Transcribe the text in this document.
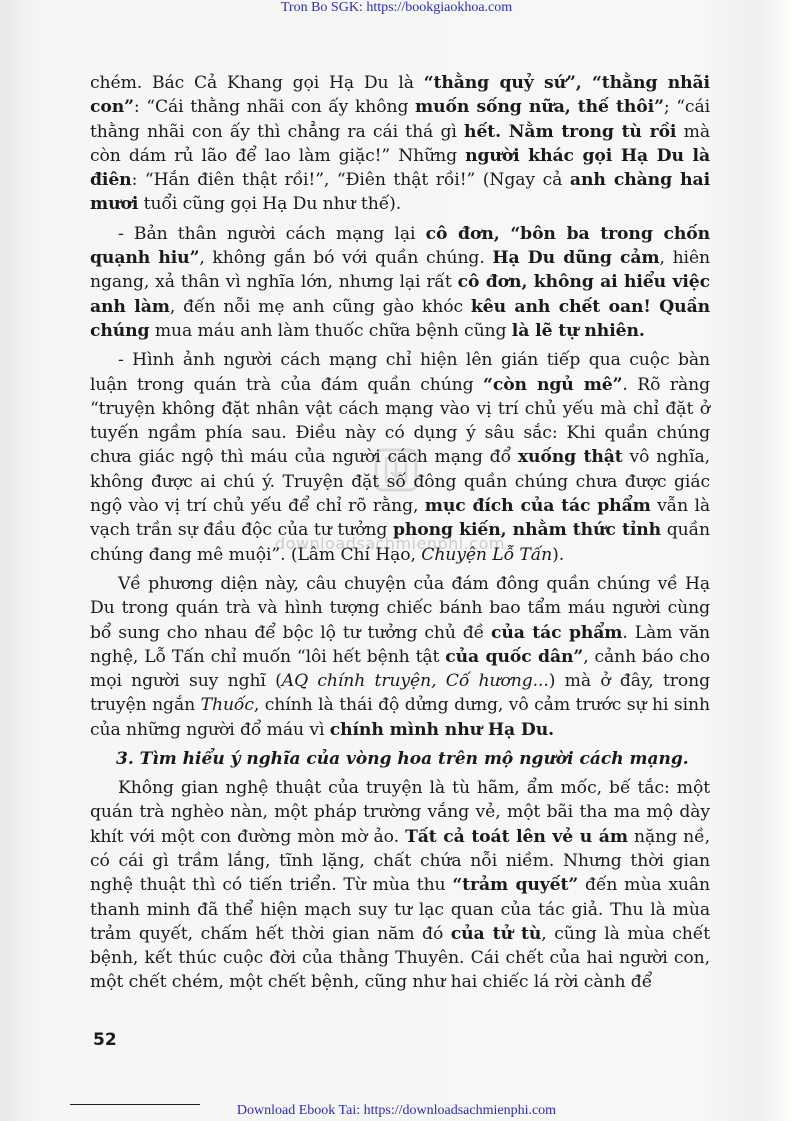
Tron Bo SGK: https://bookgiaokhoa.com
downloadsachmienphi.com

chém. Bác Cả Khang gọi Hạ Du là “thằng quỷ sứ”, “thằng nhãi con”: “Cái thằng nhãi con ấy không muốn sống nữa, thế thôi”; “cái thằng nhãi con ấy thì chẳng ra cái thá gì hết. Nằm trong tù rồi mà còn dám rủ lão để lao làm giặc!” Những người khác gọi Hạ Du là điên: “Hắn điên thật rồi!”, “Điên thật rồi!” (Ngay cả anh chàng hai mươi tuổi cũng gọi Hạ Du như thế).

- Bản thân người cách mạng lại cô đơn, “bôn ba trong chốn quạnh hiu”, không gắn bó với quần chúng. Hạ Du dũng cảm, hiên ngang, xả thân vì nghĩa lớn, nhưng lại rất cô đơn, không ai hiểu việc anh làm, đến nỗi mẹ anh cũng gào khóc kêu anh chết oan! Quần chúng mua máu anh làm thuốc chữa bệnh cũng là lẽ tự nhiên.

- Hình ảnh người cách mạng chỉ hiện lên gián tiếp qua cuộc bàn luận trong quán trà của đám quần chúng “còn ngủ mê”. Rõ ràng “truyện không đặt nhân vật cách mạng vào vị trí chủ yếu mà chỉ đặt ở tuyến ngầm phía sau. Điều này có dụng ý sâu sắc: Khi quần chúng chưa giác ngộ thì máu của người cách mạng đổ xuống thật vô nghĩa, không được ai chú ý. Truyện đặt số đông quần chúng chưa được giác ngộ vào vị trí chủ yếu để chỉ rõ rằng, mục đích của tác phẩm vẫn là vạch trần sự đầu độc của tư tưởng phong kiến, nhằm thức tỉnh quần chúng đang mê muội”. (Lâm Chí Hạo, Chuyện Lỗ Tấn).

Về phương diện này, câu chuyện của đám đông quần chúng về Hạ Du trong quán trà và hình tượng chiếc bánh bao tẩm máu người cùng bổ sung cho nhau để bộc lộ tư tưởng chủ đề của tác phẩm. Làm văn nghệ, Lỗ Tấn chỉ muốn “lôi hết bệnh tật của quốc dân”, cảnh báo cho mọi người suy nghĩ (AQ chính truyện, Cố hương...) mà ở đây, trong truyện ngắn Thuốc, chính là thái độ dửng dưng, vô cảm trước sự hi sinh của những người đổ máu vì chính mình như Hạ Du.

3. Tìm hiểu ý nghĩa của vòng hoa trên mộ người cách mạng.

Không gian nghệ thuật của truyện là tù hãm, ẩm mốc, bế tắc: một quán trà nghèo nàn, một pháp trường vắng vẻ, một bãi tha ma mộ dày khít với một con đường mòn mờ ảo. Tất cả toát lên vẻ u ám nặng nề, có cái gì trầm lắng, tĩnh lặng, chất chứa nỗi niềm. Nhưng thời gian nghệ thuật thì có tiến triển. Từ mùa thu “trảm quyết” đến mùa xuân thanh minh đã thể hiện mạch suy tư lạc quan của tác giả. Thu là mùa trảm quyết, chấm hết thời gian năm đó của tử tù, cũng là mùa chết bệnh, kết thúc cuộc đời của thằng Thuyên. Cái chết của hai người con, một chết chém, một chết bệnh, cũng như hai chiếc lá rời cành để

52
Download Ebook Tai: https://downloadsachmienphi.com
